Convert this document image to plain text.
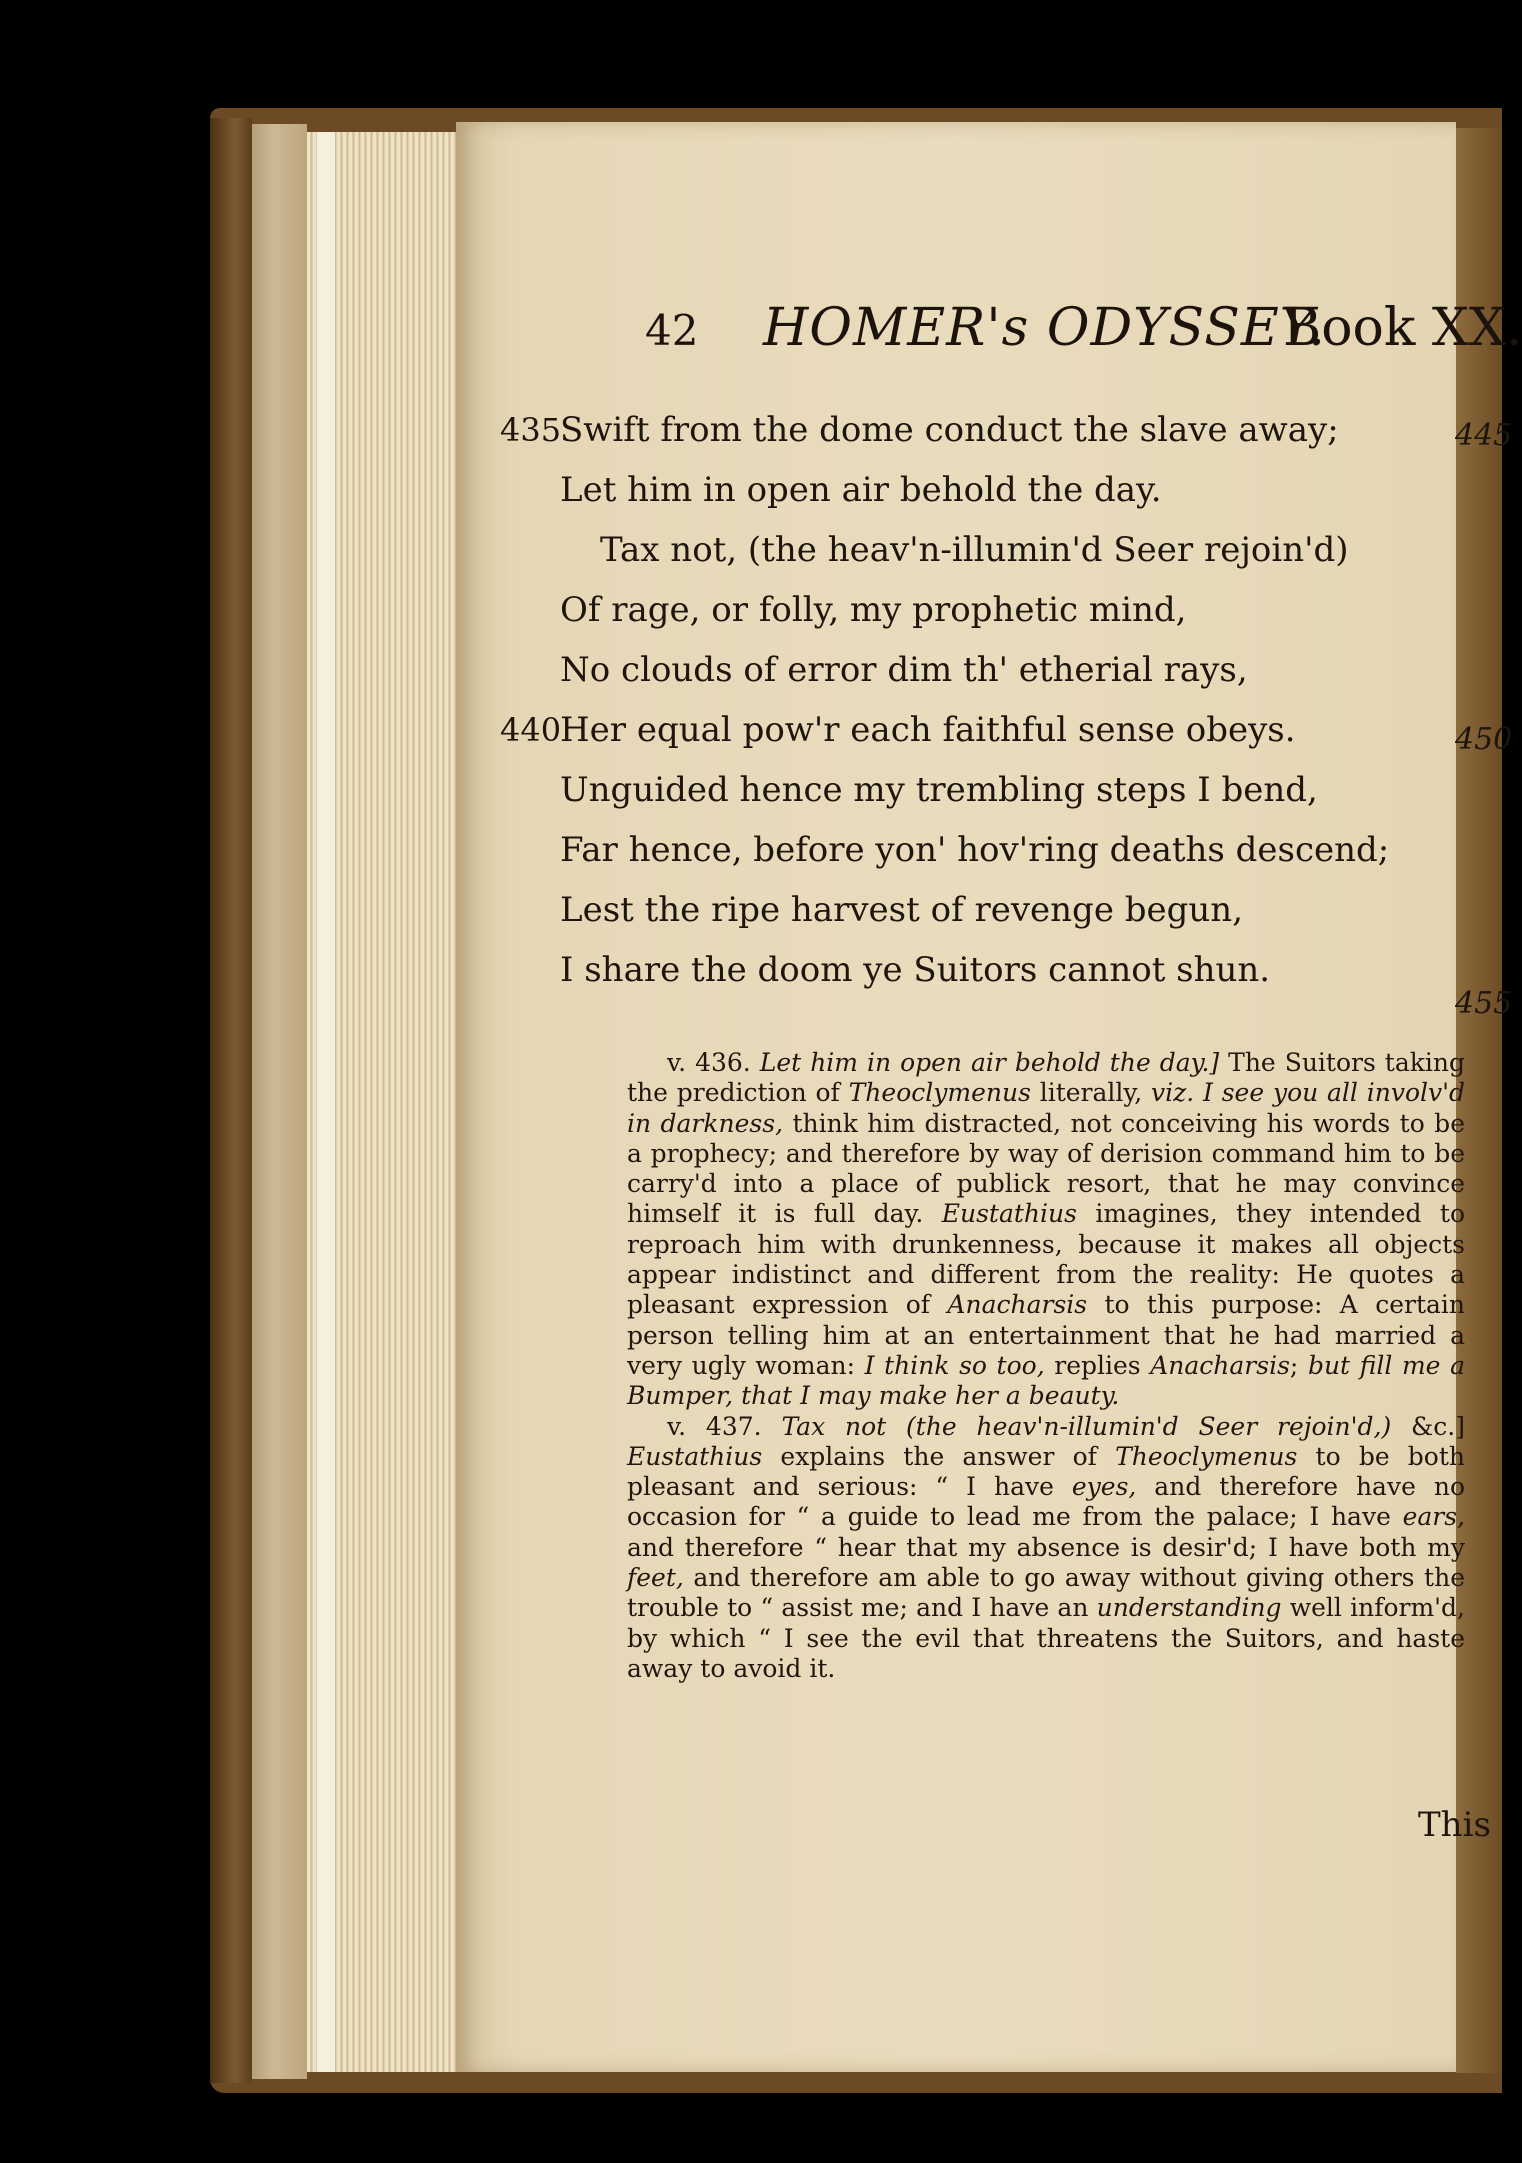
42 HOMER's ODYSSEY.
Book XX.
435
Swift from the dome conduct the slave away;
Let him in open air behold the day.
Tax not, (the heav'n-illumin'd Seer rejoin'd)
Of rage, or folly, my prophetic mind,
No clouds of error dim th' etherial rays,
440
Her equal pow'r each faithful sense obeys.
Unguided hence my trembling steps I bend,
Far hence, before yon' hov'ring deaths descend;
Lest the ripe harvest of revenge begun,
I share the doom ye Suitors cannot shun.
445
450
455

v. 436. Let him in open air behold the day.] The Suitors taking the prediction of Theoclymenus literally, viz. I see you all involv'd in darkness, think him distracted, not conceiving his words to be a prophecy; and therefore by way of derision command him to be carry'd into a place of publick resort, that he may convince himself it is full day. Eustathius imagines, they intended to reproach him with drunkenness, because it makes all objects appear indistinct and different from the reality: He quotes a pleasant expression of Anacharsis to this purpose: A certain person telling him at an entertainment that he had married a very ugly woman: I think so too, replies Anacharsis; but fill me a Bumper, that I may make her a beauty.

v. 437. Tax not (the heav'n-illumin'd Seer rejoin'd,) &c.] Eustathius explains the answer of Theoclymenus to be both pleasant and serious: “ I have eyes, and therefore have no occasion for “ a guide to lead me from the palace; I have ears, and therefore “ hear that my absence is desir'd; I have both my feet, and therefore am able to go away without giving others the trouble to “ assist me; and I have an understanding well inform'd, by which “ I see the evil that threatens the Suitors, and haste away to avoid it.

This
